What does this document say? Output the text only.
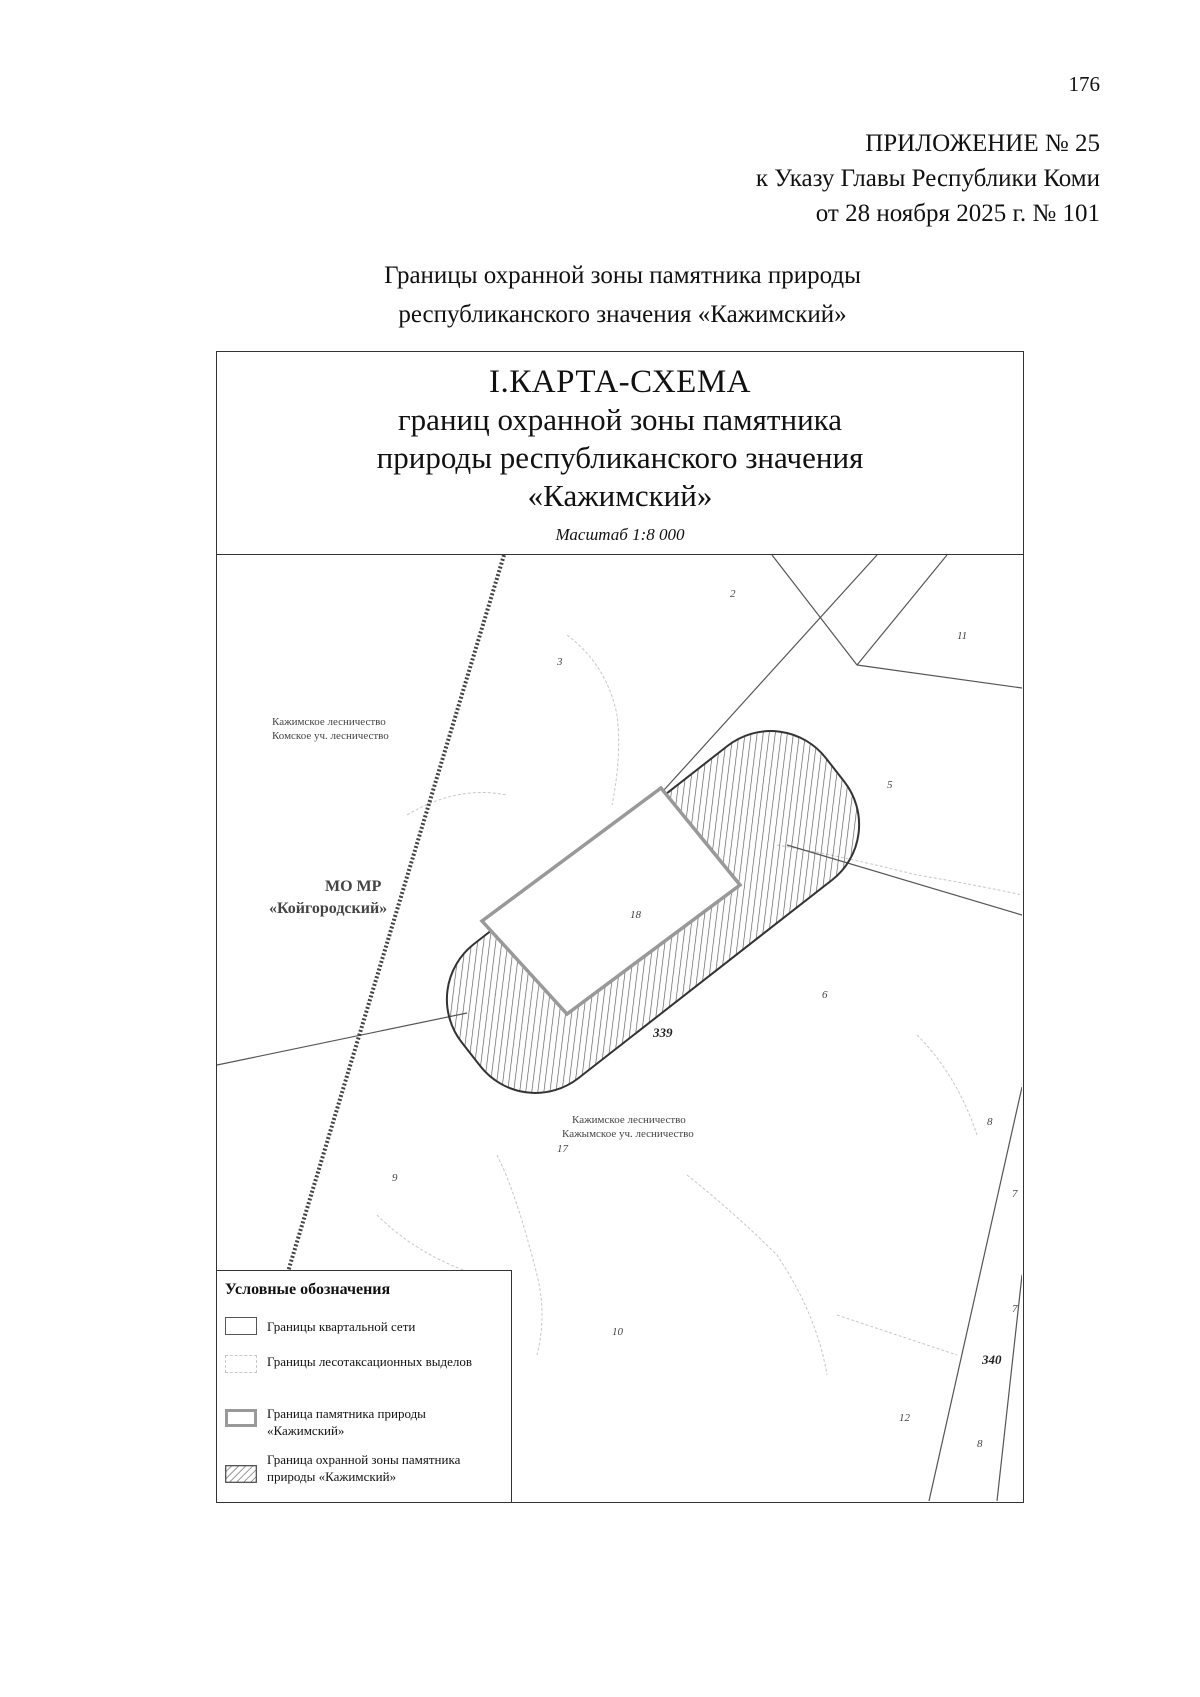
176
ПРИЛОЖЕНИЕ № 25
к Указу Главы Республики Коми
от 28 ноября 2025 г. № 101
Границы охранной зоны памятника природы
республиканского значения «Кажимский»
I.КАРТА-СХЕМА
границ охранной зоны памятника
природы республиканского значения
«Кажимский»
Масштаб 1:8 000
Кажимское лесничество
Комское уч. лесничество
МО МР
«Койгородский»
Кажимское лесничество
Кажымское уч. лесничество
2
3
11
5
18
6
8
17
9
7
7
10
12
8
339
340
Условные обозначения
Границы квартальной сети
Границы лесотаксационных выделов
Граница памятника природы «Кажимский»
Граница охранной зоны памятника природы «Кажимский»
